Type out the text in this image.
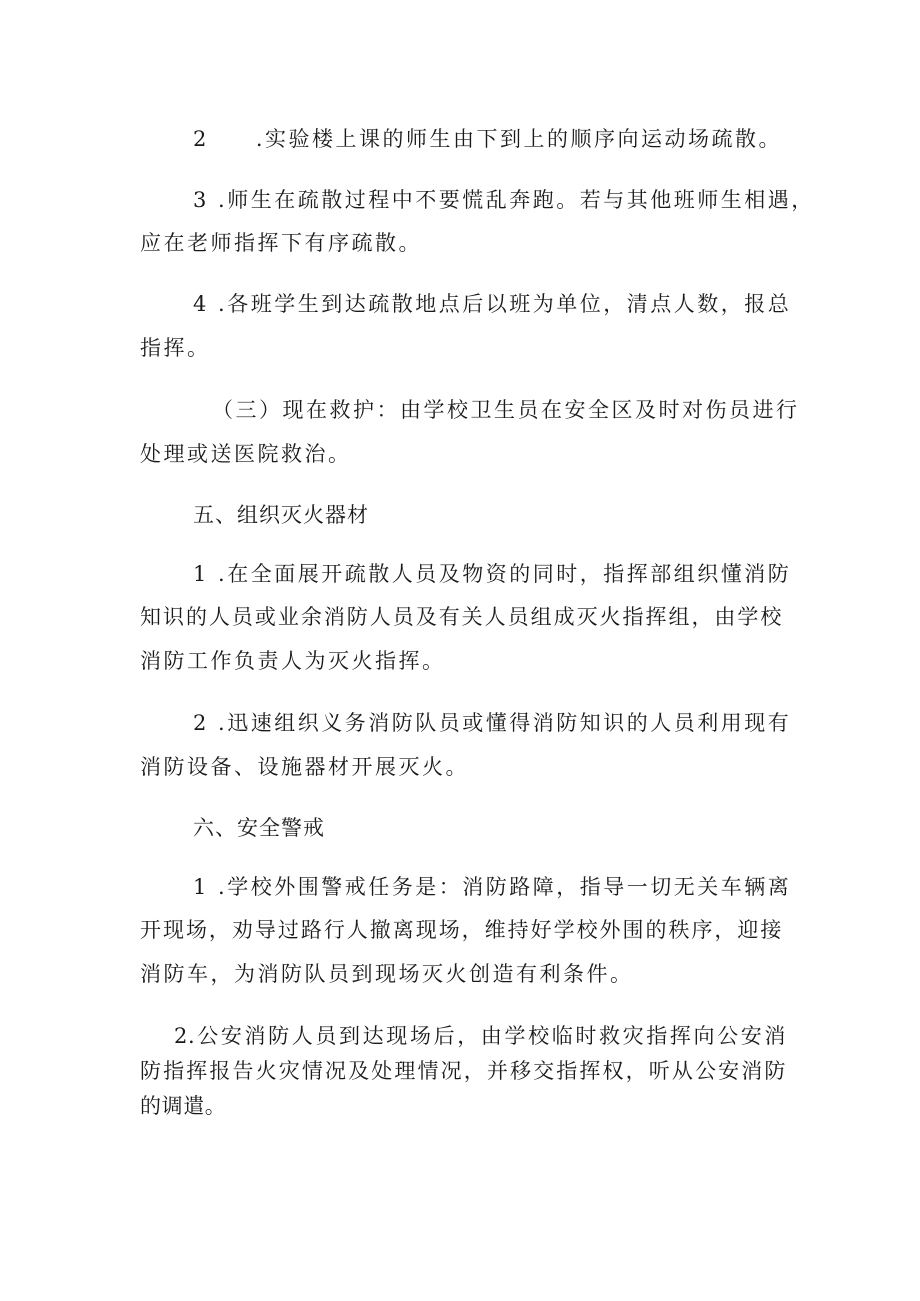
2　　.实验楼上课的师生由下到上的顺序向运动场疏散。
3 .师生在疏散过程中不要慌乱奔跑。若与其他班师生相遇，
应在老师指挥下有序疏散。
4 .各班学生到达疏散地点后以班为单位，清点人数，报总
指挥。
（三）现在救护：由学校卫生员在安全区及时对伤员进行
处理或送医院救治。
五、组织灭火器材
1 .在全面展开疏散人员及物资的同时，指挥部组织懂消防
知识的人员或业余消防人员及有关人员组成灭火指挥组，由学校
消防工作负责人为灭火指挥。
2 .迅速组织义务消防队员或懂得消防知识的人员利用现有
消防设备、设施器材开展灭火。
六、安全警戒
1 .学校外围警戒任务是：消防路障，指导一切无关车辆离
开现场，劝导过路行人撤离现场，维持好学校外围的秩序，迎接
消防车，为消防队员到现场灭火创造有利条件。
2.公安消防人员到达现场后，由学校临时救灾指挥向公安消
防指挥报告火灾情况及处理情况，并移交指挥权，听从公安消防
的调遣。
